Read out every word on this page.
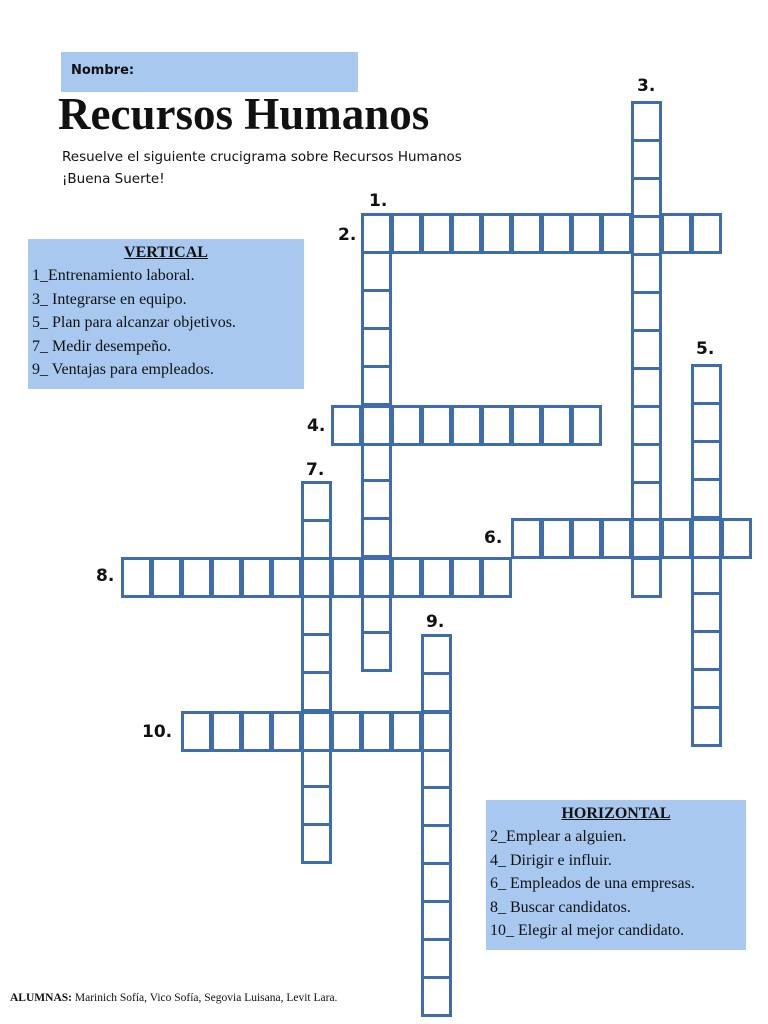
Nombre:
Recursos Humanos
Resuelve el siguiente crucigrama sobre Recursos Humanos
¡Buena Suerte!
VERTICAL
1_Entrenamiento laboral.
3_ Integrarse en equipo.
5_ Plan para alcanzar objetivos.
7_ Medir desempeño.
9_ Ventajas para empleados.
HORIZONTAL
2_Emplear a alguien.
4_ Dirigir e influir.
6_ Empleados de una empresas.
8_ Buscar candidatos.
10_ Elegir al mejor candidato.
1.
2.
3.
4.
5.
6.
7.
8.
9.
10.
ALUMNAS: Marinich Sofía, Vico Sofía, Segovia Luisana, Levit Lara.
